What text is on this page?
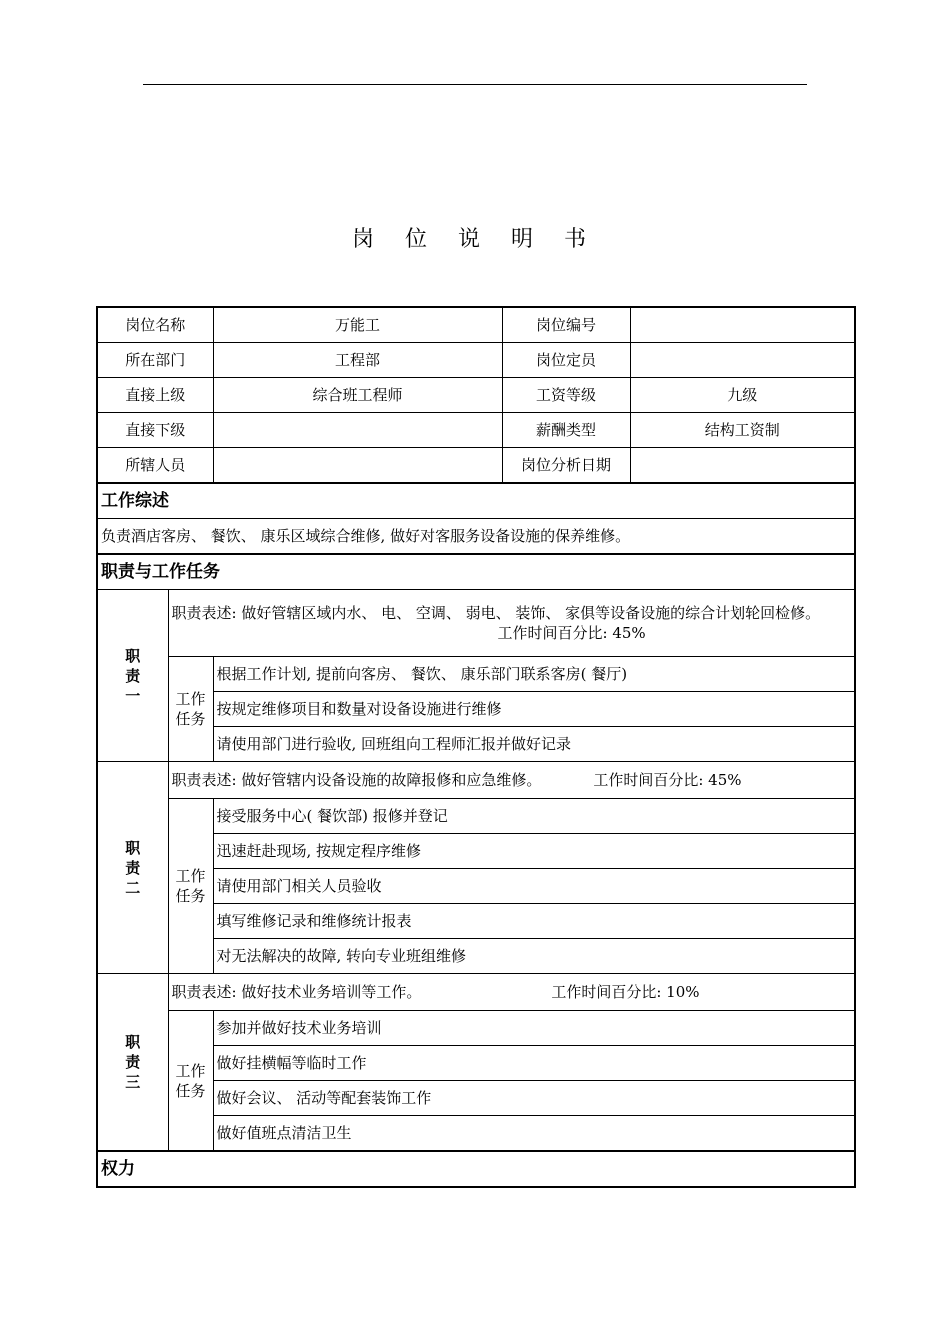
岗 位 说 明 书
岗位名称		万能工	岗位编号	
所在部门		工程部	岗位定员	
直接上级		综合班工程师	工资等级	九级
直接下级			薪酬类型	结构工资制
所辖人员			岗位分析日期	
工作综述				
负责酒店客房、 餐饮、 康乐区域综合维修, 做好对客服务设备设施的保养维修。				
职责与工作任务				
职责一	职责表述: 做好管辖区域内水、 电、 空调、 弱电、 装饰、 家俱等设备设施的综合计划轮回检修。
工作时间百分比: 45%			

	工作任务	根据工作计划, 提前向客房、 餐饮、 康乐部门联系客房( 餐厅)		
		按规定维修项目和数量对设备设施进行维修		
		请使用部门进行验收, 回班组向工程师汇报并做好记录		
职责二	职责表述: 做好管辖内设备设施的故障报修和应急维修。 工作时间百分比: 45%			
	工作任务	接受服务中心( 餐饮部) 报修并登记		
		迅速赶赴现场, 按规定程序维修		
		请使用部门相关人员验收		
		填写维修记录和维修统计报表		
		对无法解决的故障, 转向专业班组维修		
职责三	职责表述: 做好技术业务培训等工作。 工作时间百分比: 10%			
	工作任务	参加并做好技术业务培训		
		做好挂横幅等临时工作		
		做好会议、 活动等配套装饰工作		
		做好值班点清洁卫生		
权力				
